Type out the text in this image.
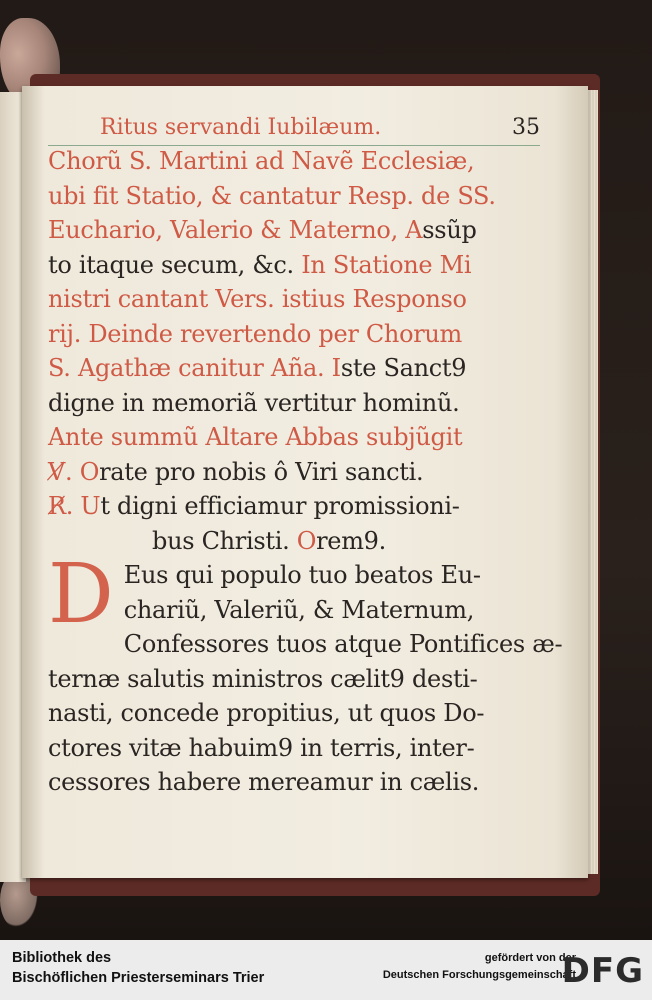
Ritus servandi Iubilæum.	35
Chorũ S. Martini ad Navẽ Ecclesiæ,
ubi fit Statio, & cantatur Resp. de SS.
Euchario, Valerio & Materno, Assũp
to itaque secum, &c. In Statione Mi
nistri cantant Vers. istius Responso
rij. Deinde revertendo per Chorum
S. Agathæ canitur Aña. Iste Sanct9
digne in memoriã vertitur hominũ.
Ante summũ Altare Abbas subjũgit
V̸. Orate pro nobis ô Viri sancti.
R̸. Ut digni efficiamur promissioni-
bus Christi. Orem9.
D Eus qui populo tuo beatos Eu-
chariũ, Valeriũ, & Maternum,
Confessores tuos atque Pontifices æ-
ternæ salutis ministros cælit9 desti-
nasti, concede propitius, ut quos Do-
ctores vitæ habuim9 in terris, inter-
cessores habere mereamur in cælis.
Bibliothek des
Bischöflichen Priesterseminars Trier
gefördert von der
Deutschen Forschungsgemeinschaft
DFG
